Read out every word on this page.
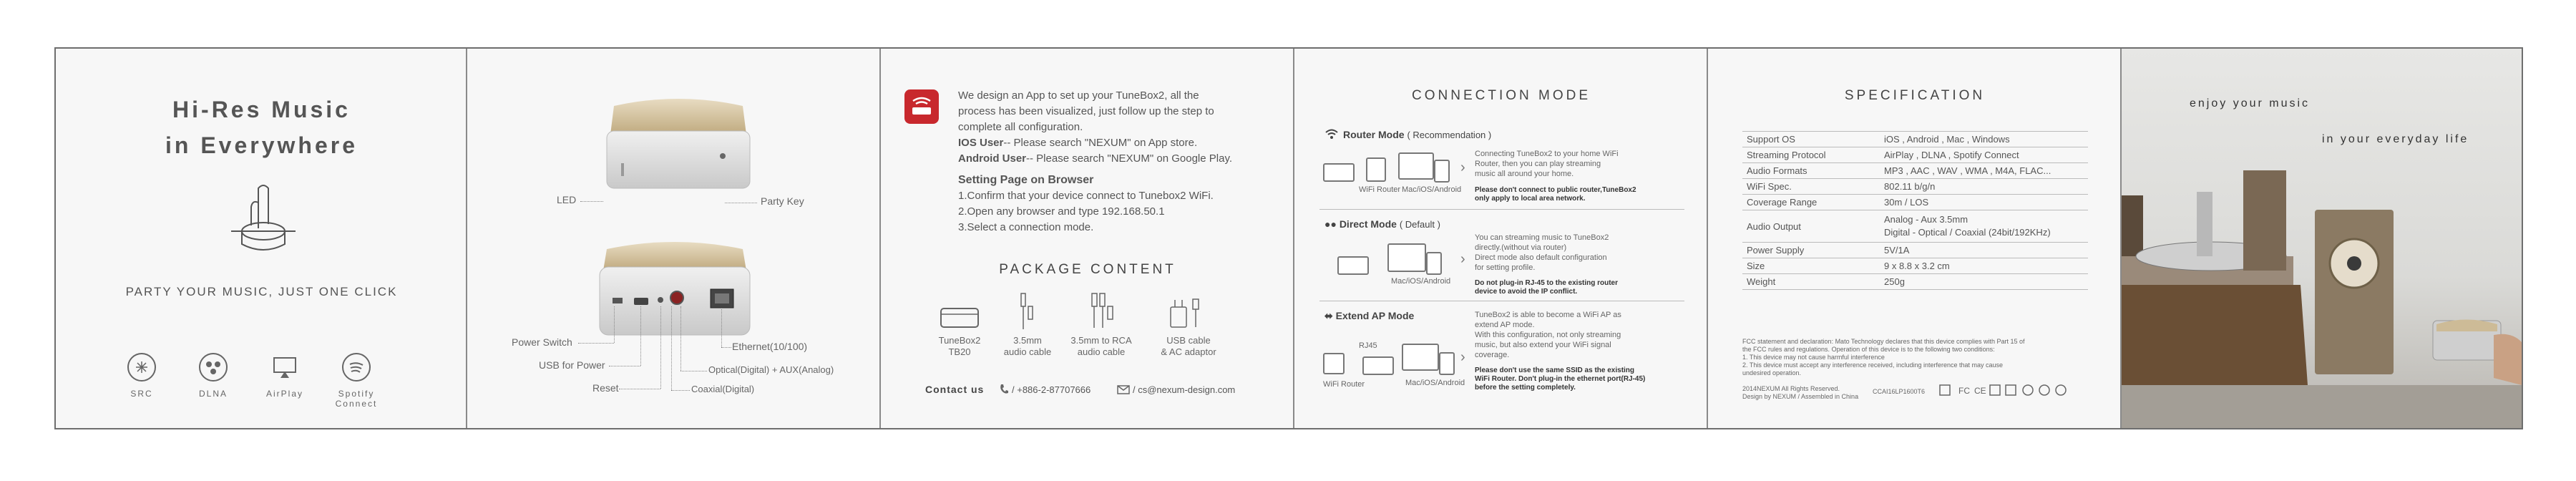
Hi-Res Music
in Everywhere
PARTY YOUR MUSIC, JUST ONE CLICK
SRC	DLNA	AirPlay	Spotify
Connect
LED	Party Key
Power Switch
USB for Power
Reset
Ethernet(10/100)
Optical(Digital) + AUX(Analog)
Coaxial(Digital)
We design an App to set up your TuneBox2, all the
process has been visualized, just follow up the step to
complete all configuration.
IOS User-- Please search "NEXUM" on App store.
Android User-- Please search "NEXUM" on Google Play.
Setting Page on Browser
1.Confirm that your device connect to Tunebox2 WiFi.
2.Open any browser and type 192.168.50.1
3.Select a connection mode.
PACKAGE CONTENT
TuneBox2
TB20
3.5mm
audio cable
3.5mm to RCA
audio cable
USB cable
& AC adaptor
Contact us	/ +886-2-87707666	/ cs@nexum-design.com
CONNECTION MODE
Router Mode ( Recommendation )
WiFi Router Mac/iOS/Android
›
Connecting TuneBox2 to your home WiFi
Router, then you can play streaming
music all around your home.
Please don't connect to public router,TuneBox2
only apply to local area network.
●● Direct Mode ( Default )
Mac/iOS/Android
›
You can streaming music to TuneBox2
directly.(without via router)
Direct mode also default configuration
for setting profile.
Do not plug-in RJ-45 to the existing router
device to avoid the IP conflict.
⬌ Extend AP Mode
RJ45
WiFi Router	Mac/iOS/Android
›
TuneBox2 is able to become a WiFi AP as
extend AP mode.
With this configuration, not only streaming
music, but also extend your WiFi signal
coverage.
Please don't use the same SSID as the existing
WiFi Router. Don't plug-in the ethernet port(RJ-45)
before the setting completely.
SPECIFICATION
Support OS	iOS , Android , Mac , Windows
Streaming Protocol	AirPlay , DLNA , Spotify Connect
Audio Formats	MP3 , AAC , WAV , WMA , M4A, FLAC...
WiFi Spec.	802.11 b/g/n
Coverage Range	30m / LOS
Audio Output	Analog - Aux 3.5mm
Digital - Optical / Coaxial (24bit/192KHz)

Power Supply	5V/1A
Size	9 x 8.8 x 3.2 cm
Weight	250g
FCC statement and declaration: Mato Technology declares that this device complies with Part 15 of
the FCC rules and regulations. Operation of this device is to the following two conditions:
1. This device may not cause harmful interference
2. This device must accept any interference received, including interference that may cause
undesired operation.
2014NEXUM All Rights Reserved.
Design by NEXUM / Assembled in China
CCAI16LP1600T6	FC CE
enjoy your music
in your everyday life
